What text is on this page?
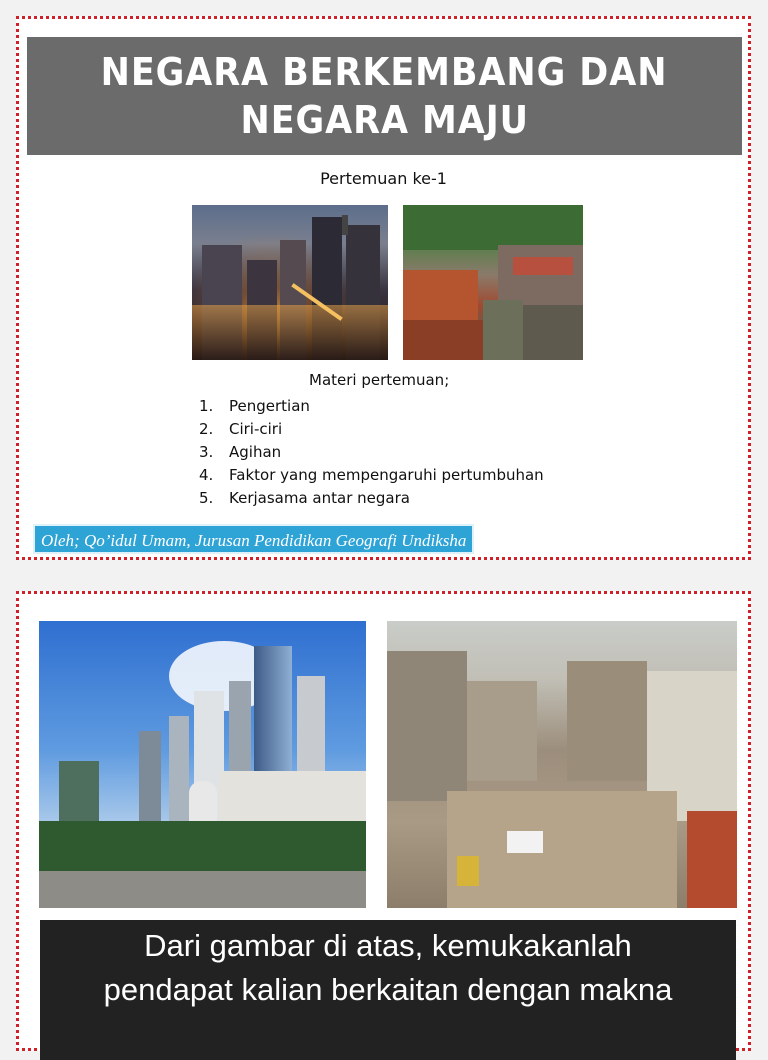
NEGARA BERKEMBANG DAN
NEGARA MAJU
Pertemuan ke-1
Materi pertemuan;
1.	Pengertian
2.	Ciri-ciri
3.	Agihan
4.	Faktor yang mempengaruhi pertumbuhan
5.	Kerjasama antar negara
Oleh; Qo’idul Umam, Jurusan Pendidikan Geografi Undiksha
Dari gambar di atas, kemukakanlah
pendapat kalian berkaitan dengan makna
